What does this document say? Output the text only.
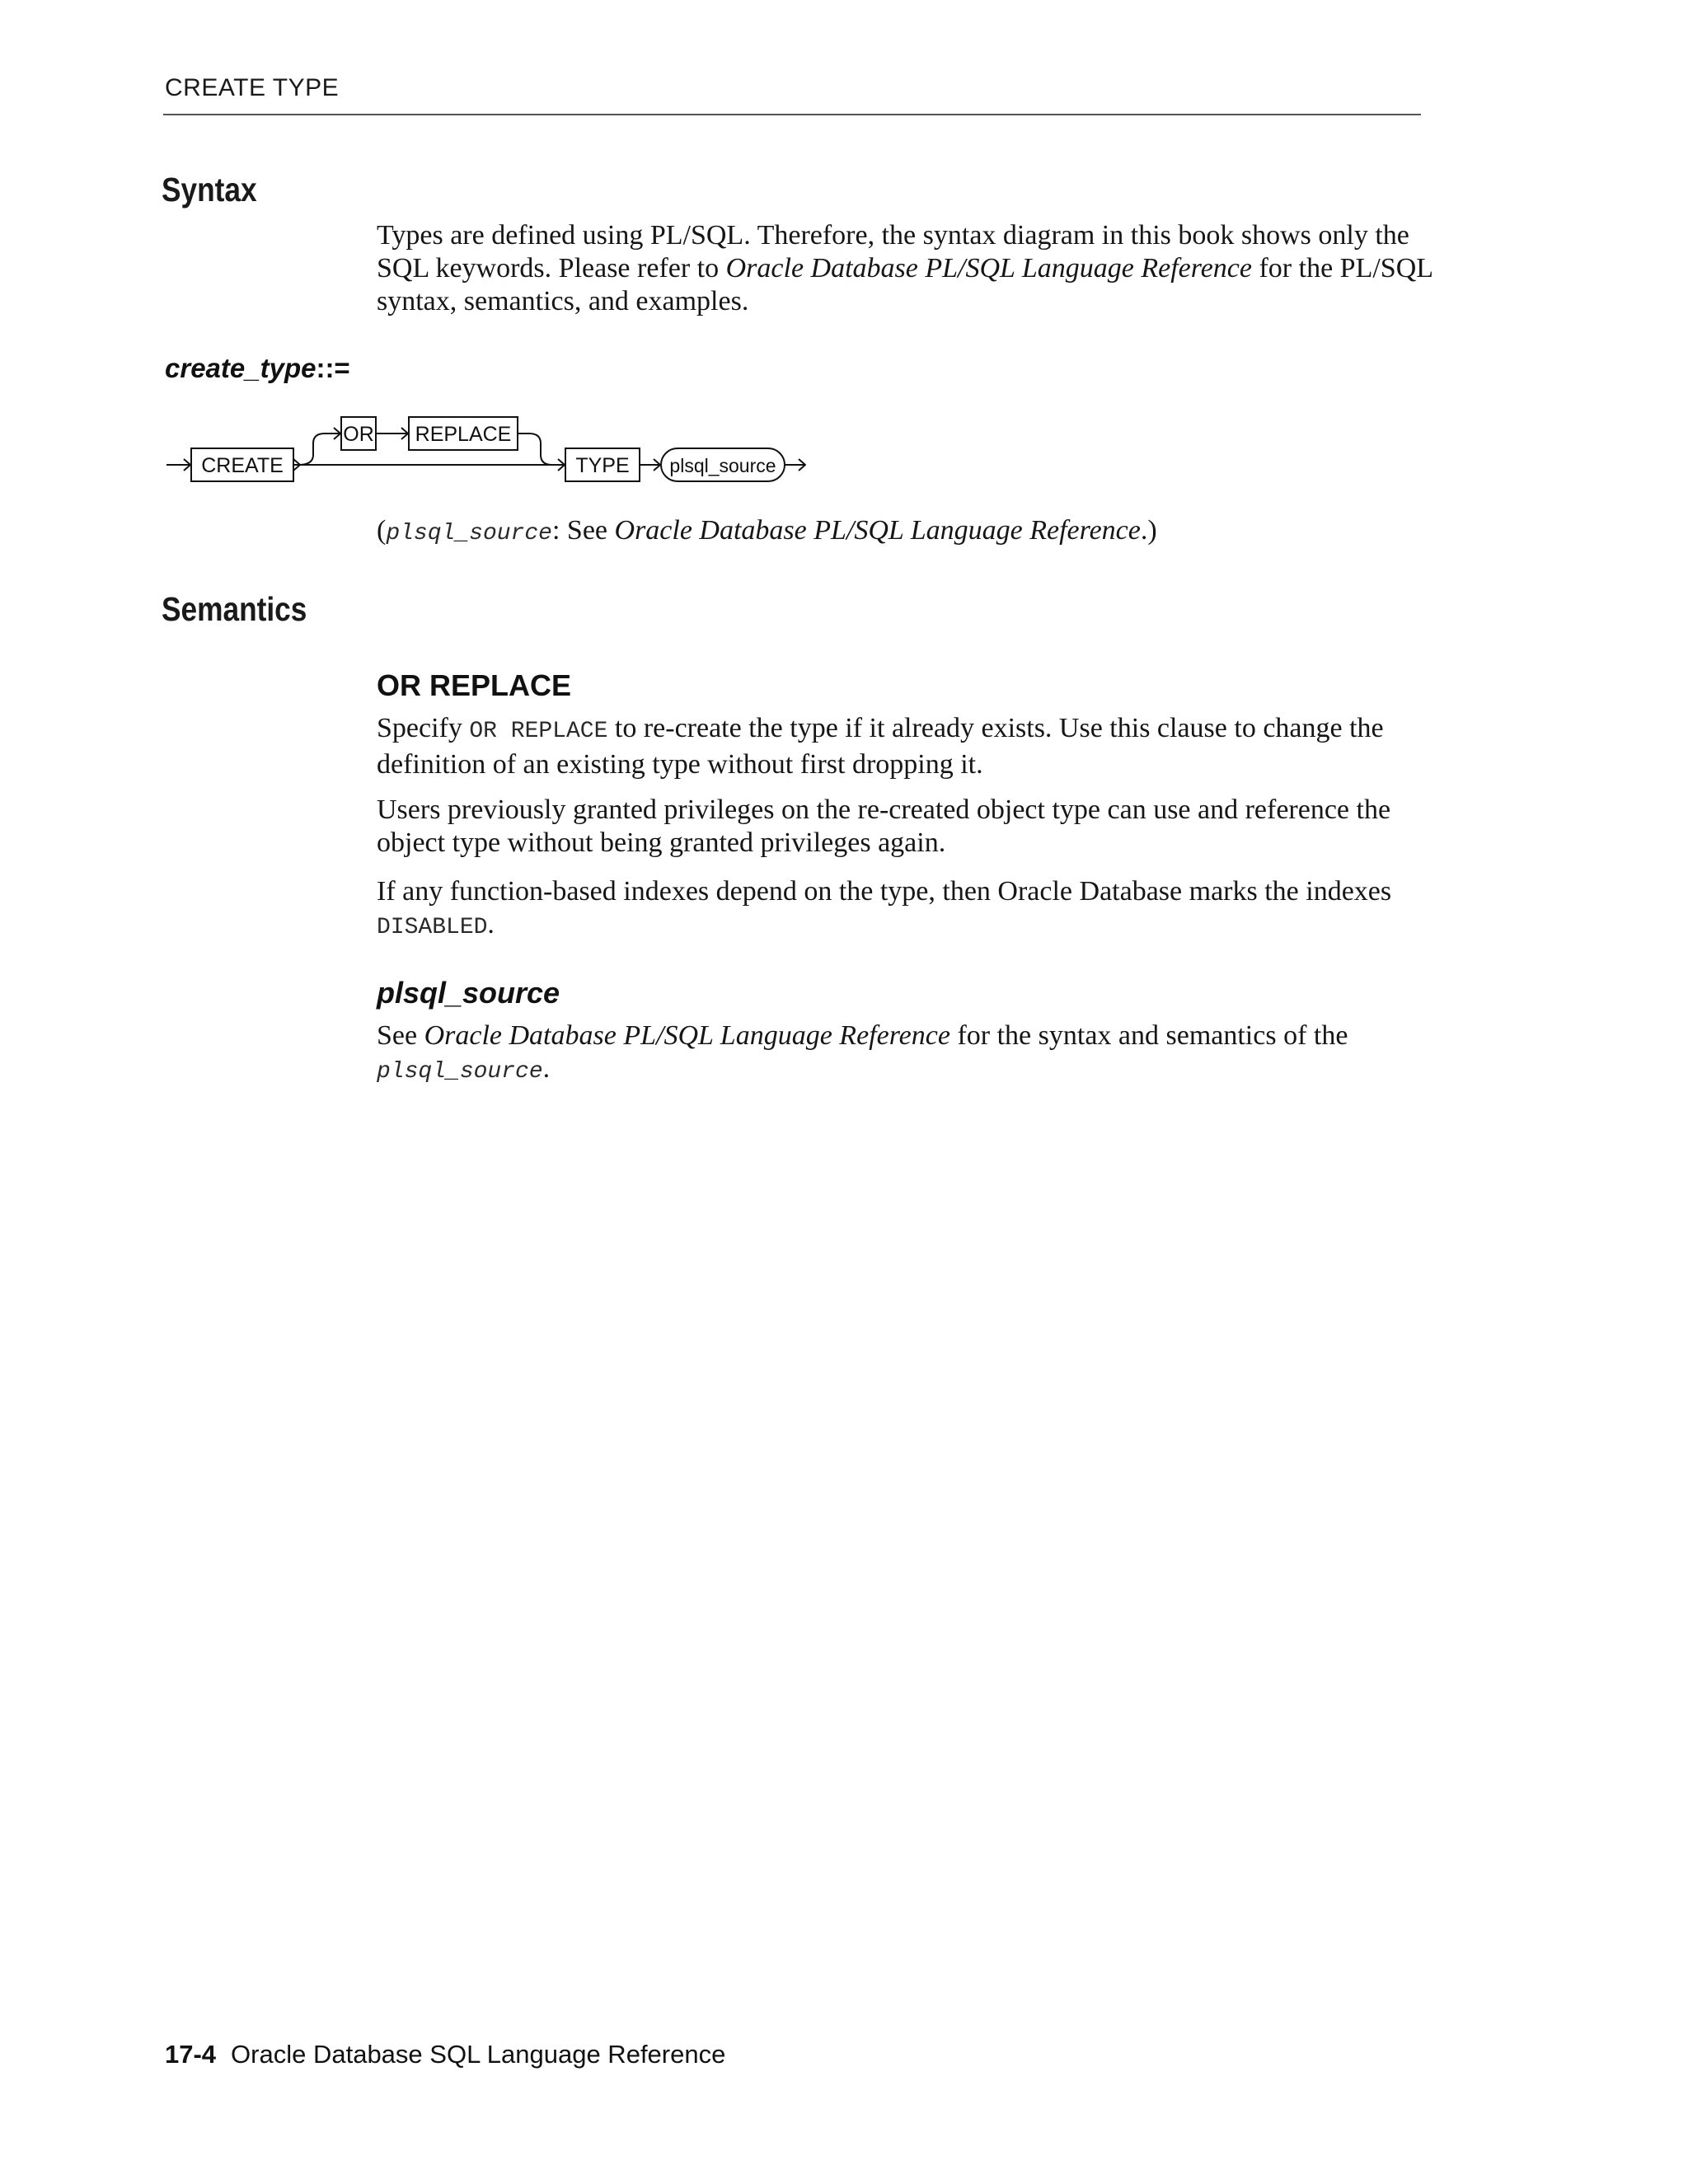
CREATE TYPE
Syntax
Types are defined using PL/SQL. Therefore, the syntax diagram in this book shows only the SQL keywords. Please refer to Oracle Database PL/SQL Language Reference for the PL/SQL syntax, semantics, and examples.
create_type::=
CREATE
OR REPLACE
TYPE plsql_source
(plsql_source: See Oracle Database PL/SQL Language Reference.)
Semantics
OR REPLACE
Specify OR REPLACE to re-create the type if it already exists. Use this clause to change the definition of an existing type without first dropping it.
Users previously granted privileges on the re-created object type can use and reference the object type without being granted privileges again.
If any function-based indexes depend on the type, then Oracle Database marks the indexes DISABLED.
plsql_source
See Oracle Database PL/SQL Language Reference for the syntax and semantics of the plsql_source.
17-4 Oracle Database SQL Language Reference
